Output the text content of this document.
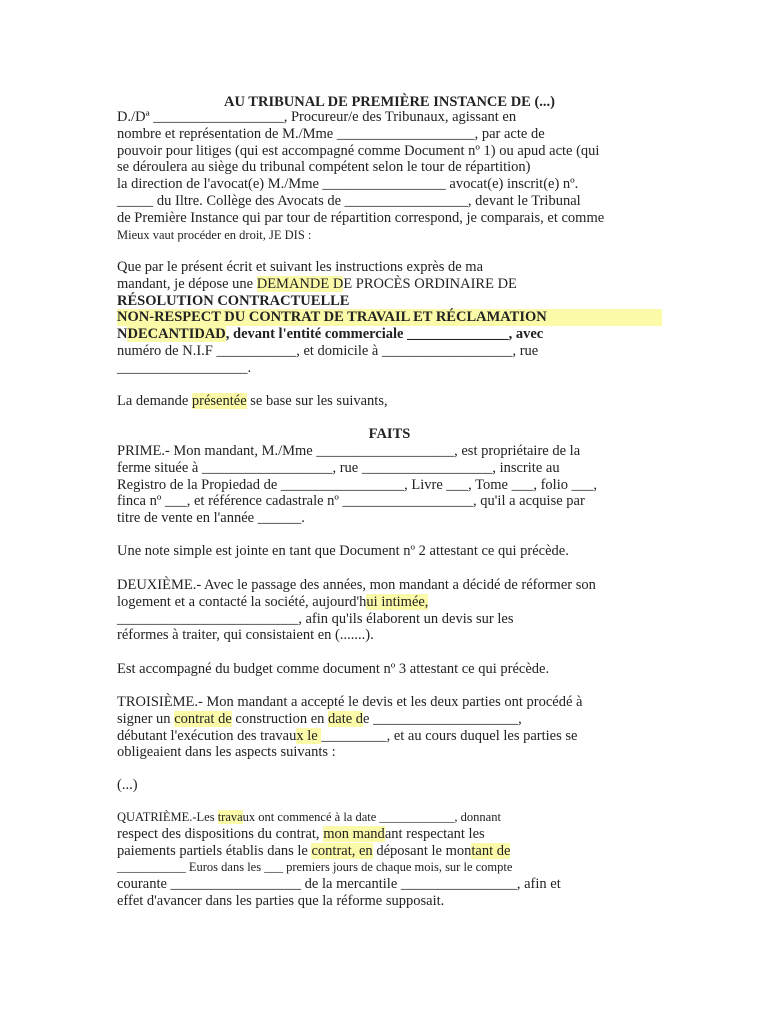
AU TRIBUNAL DE PREMIÈRE INSTANCE DE (...)
D./Dª __________________, Procureur/e des Tribunaux, agissant en
nombre et représentation de M./Mme ___________________, par acte de
pouvoir pour litiges (qui est accompagné comme Document nº 1) ou apud acte (qui
se déroulera au siège du tribunal compétent selon le tour de répartition)
la direction de l'avocat(e) M./Mme _________________ avocat(e) inscrit(e) nº.
_____ du Iltre. Collège des Avocats de _________________, devant le Tribunal
de Première Instance qui par tour de répartition correspond, je comparais, et comme
Mieux vaut procéder en droit, JE DIS :
Que par le présent écrit et suivant les instructions exprès de ma
mandant, je dépose une DEMANDE DE PROCÈS ORDINAIRE DE
RÉSOLUTION CONTRACTUELLE
NON-RESPECT DU CONTRAT DE TRAVAIL ET RÉCLAMATION
NDECANTIDAD, devant l'entité commerciale ______________, avec
numéro de N.I.F ___________, et domicile à __________________, rue
__________________.
La demande présentée se base sur les suivants,
FAITS
PRIME.- Mon mandant, M./Mme ___________________, est propriétaire de la
ferme située à __________________, rue __________________, inscrite au
Registro de la Propiedad de _________________, Livre ___, Tome ___, folio ___,
finca nº ___, et référence cadastrale nº __________________, qu'il a acquise par
titre de vente en l'année ______.
Une note simple est jointe en tant que Document nº 2 attestant ce qui précède.
DEUXIÈME.- Avec le passage des années, mon mandant a décidé de réformer son
logement et a contacté la société, aujourd'hui intimée,
_________________________, afin qu'ils élaborent un devis sur les
réformes à traiter, qui consistaient en (.......).
Est accompagné du budget comme document nº 3 attestant ce qui précède.
TROISIÈME.- Mon mandant a accepté le devis et les deux parties ont procédé à
signer un contrat de construction en date de ____________________,
débutant l'exécution des travaux le _________, et au cours duquel les parties se
obligeaient dans les aspects suivants :
(...)
QUATRIÈME.-Les travaux ont commencé à la date ____________, donnant
respect des dispositions du contrat, mon mandant respectant les
paiements partiels établis dans le contrat, en déposant le montant de
___________ Euros dans les ___ premiers jours de chaque mois, sur le compte
courante __________________ de la mercantile ________________, afin et
effet d'avancer dans les parties que la réforme supposait.
